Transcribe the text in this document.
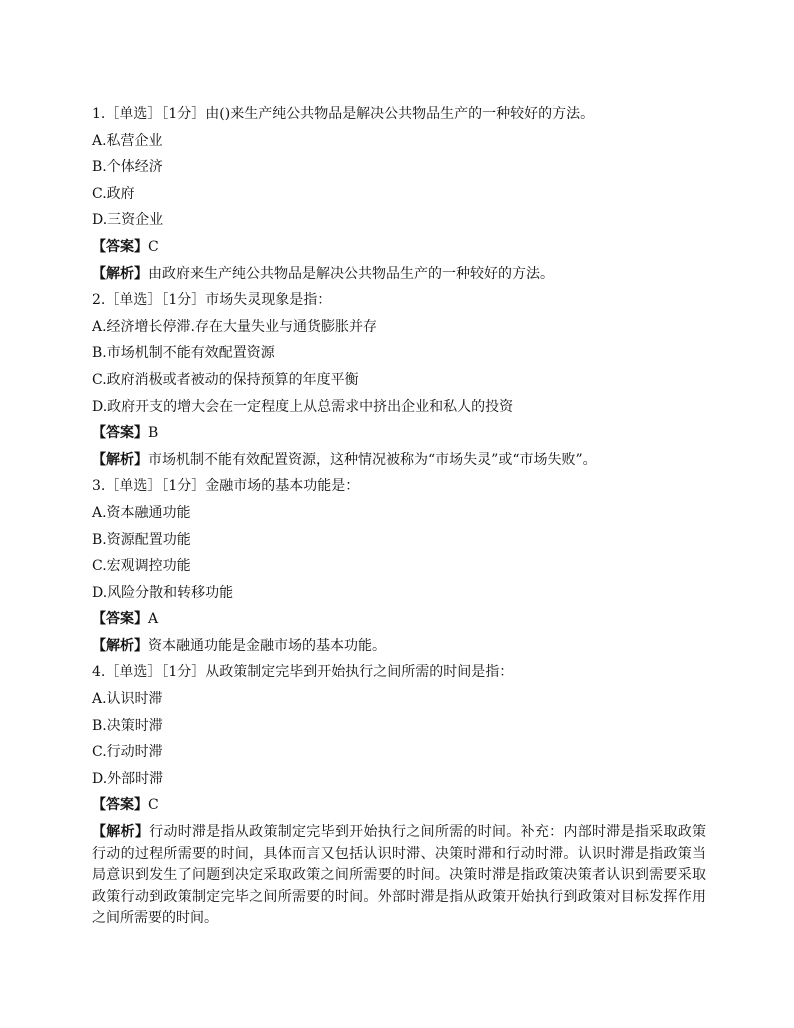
1.［单选］［1分］由()来生产纯公共物品是解决公共物品生产的一种较好的方法。
A.私营企业
B.个体经济
C.政府
D.三资企业
【答案】C
【解析】由政府来生产纯公共物品是解决公共物品生产的一种较好的方法。
2.［单选］［1分］市场失灵现象是指：
A.经济增长停滞.存在大量失业与通货膨胀并存
B.市场机制不能有效配置资源
C.政府消极或者被动的保持预算的年度平衡
D.政府开支的增大会在一定程度上从总需求中挤出企业和私人的投资
【答案】B
【解析】市场机制不能有效配置资源，这种情况被称为“市场失灵”或“市场失败”。
3.［单选］［1分］金融市场的基本功能是：
A.资本融通功能
B.资源配置功能
C.宏观调控功能
D.风险分散和转移功能
【答案】A
【解析】资本融通功能是金融市场的基本功能。
4.［单选］［1分］从政策制定完毕到开始执行之间所需的时间是指：
A.认识时滞
B.决策时滞
C.行动时滞
D.外部时滞
【答案】C
【解析】行动时滞是指从政策制定完毕到开始执行之间所需的时间。补充：内部时滞是指采取政策行动的过程所需要的时间，具体而言又包括认识时滞、决策时滞和行动时滞。认识时滞是指政策当局意识到发生了问题到决定采取政策之间所需要的时间。决策时滞是指政策决策者认识到需要采取政策行动到政策制定完毕之间所需要的时间。外部时滞是指从政策开始执行到政策对目标发挥作用之间所需要的时间。
